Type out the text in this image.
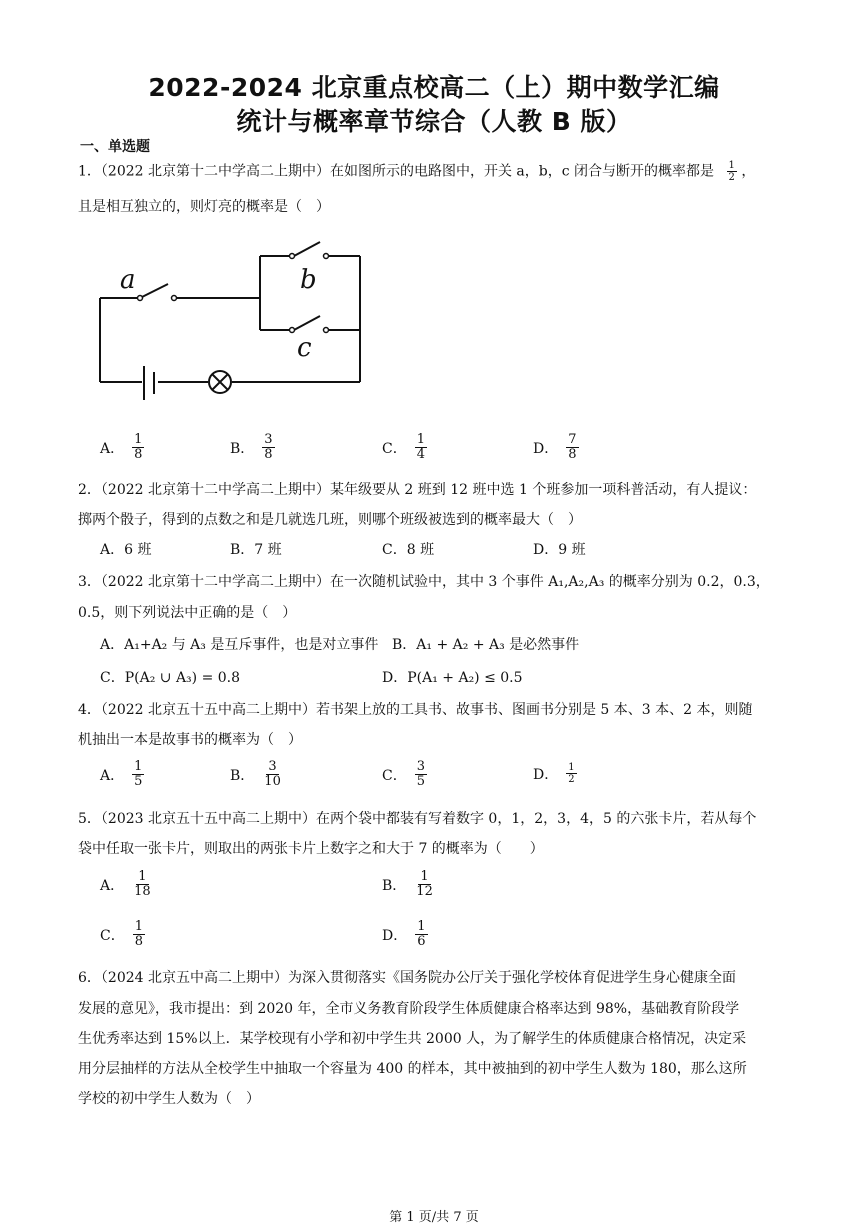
2022-2024 北京重点校高二（上）期中数学汇编
统计与概率章节综合（人教 B 版）
一、单选题
1．（2022 北京第十二中学高二上期中）在如图所示的电路图中，开关 a，b，c 闭合与断开的概率都是 $\frac{1}{2}$ ，
且是相互独立的，则灯亮的概率是（　）
a	b
c
A． $\frac{1}{8}$	B． $\frac{3}{8}$	C． $\frac{1}{4}$	D． $\frac{7}{8}$
2．（2022 北京第十二中学高二上期中）某年级要从 2 班到 12 班中选 1 个班参加一项科普活动，有人提议：
掷两个骰子，得到的点数之和是几就选几班，则哪个班级被选到的概率最大（　）
A．6 班	B．7 班	C．8 班	D．9 班
3．（2022 北京第十二中学高二上期中）在一次随机试验中，其中 3 个事件 A₁,A₂,A₃ 的概率分别为 0.2，0.3，
0.5，则下列说法中正确的是（　）
A．A₁+A₂ 与 A₃ 是互斥事件，也是对立事件 B．A₁ + A₂ + A₃ 是必然事件
C．P(A₂ ∪ A₃) = 0.8	D．P(A₁ + A₂) ≤ 0.5
4．（2022 北京五十五中高二上期中）若书架上放的工具书、故事书、图画书分别是 5 本、3 本、2 本，则随
机抽出一本是故事书的概率为（　）
A． $\frac{1}{5}$	B． $\frac{3}{10}$	C． $\frac{3}{5}$	D． $\frac{1}{2}$
5．（2023 北京五十五中高二上期中）在两个袋中都装有写着数字 0，1，2，3，4，5 的六张卡片，若从每个
袋中任取一张卡片，则取出的两张卡片上数字之和大于 7 的概率为（　　）
A． $\frac{1}{18}$	B． $\frac{1}{12}$
C． $\frac{1}{8}$	D． $\frac{1}{6}$
6．（2024 北京五中高二上期中）为深入贯彻落实《国务院办公厅关于强化学校体育促进学生身心健康全面
发展的意见》，我市提出：到 2020 年，全市义务教育阶段学生体质健康合格率达到 98%，基础教育阶段学
生优秀率达到 15%以上．某学校现有小学和初中学生共 2000 人，为了解学生的体质健康合格情况，决定采
用分层抽样的方法从全校学生中抽取一个容量为 400 的样本，其中被抽到的初中学生人数为 180，那么这所
学校的初中学生人数为（　）
第 1 页/共 7 页
